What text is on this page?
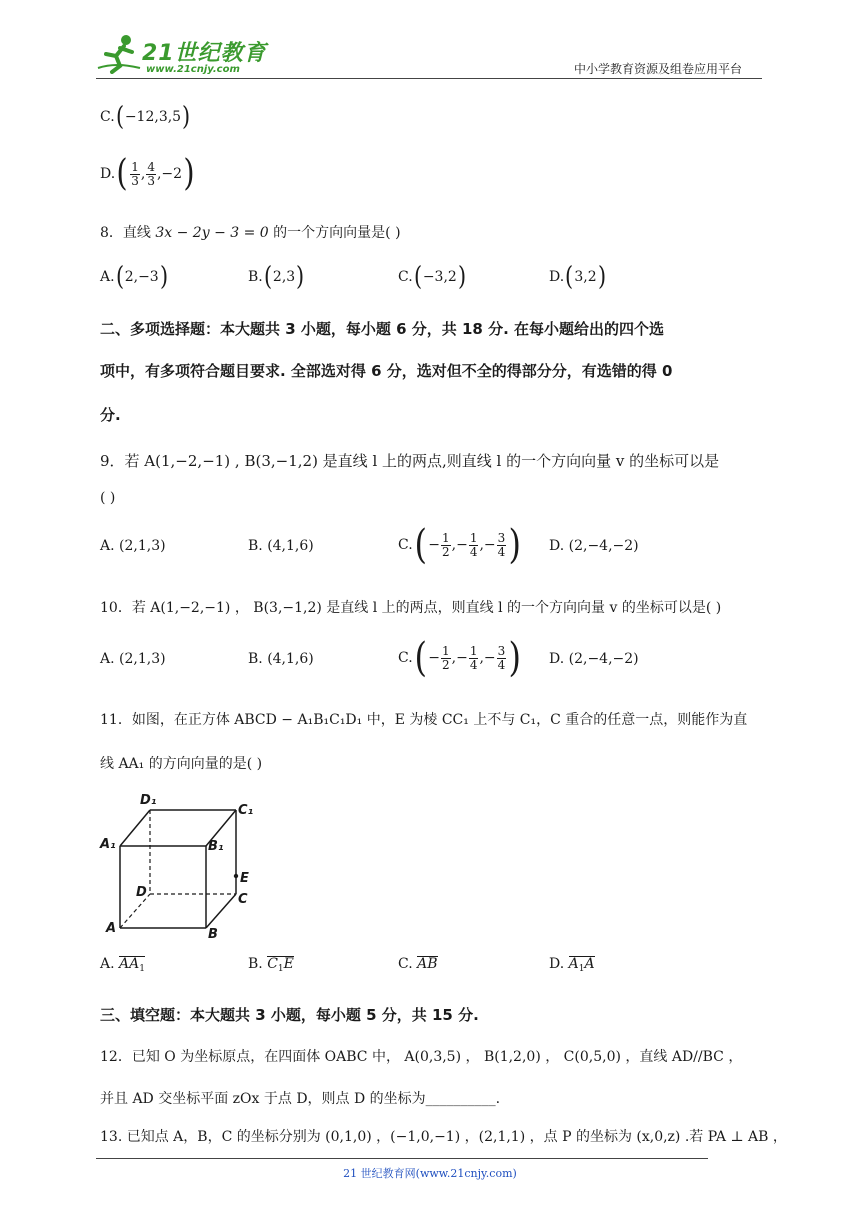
21世纪教育
www.21cnjy.com	中小学教育资源及组卷应用平台
C.(−12,3,5)
$D.( \frac{1}{3}$ , $\frac{4}{3} ,-2$)
8．直线 3x − 2y − 3 = 0 的一个方向向量是( )
A.(2,−3)	B.(2,3)	C.(−3,2)	D.(3,2)
二、多项选择题：本大题共 3 小题，每小题 6 分，共 18 分. 在每小题给出的四个选
项中，有多项符合题目要求. 全部选对得 6 分，选对但不全的得部分分，有选错的得 0
分.
9．若 A(1,−2,−1) , B(3,−1,2) 是直线 l 上的两点,则直线 l 的一个方向向量 v 的坐标可以是
( )
A. (2,1,3)	B. (4,1,6)	$C.( - \frac{1}{2}$ ,− $\frac{1}{4}$ ,− $\frac{3}{4}$ ) D. (2,−4,−2)
10．若 A(1,−2,−1) ， B(3,−1,2) 是直线 l 上的两点，则直线 l 的一个方向向量 v 的坐标可以是( )
A. (2,1,3)	B. (4,1,6)	$C.( - \frac{1}{2}$ ,− $\frac{1}{4}$ ,− $\frac{3}{4}$ ) D. (2,−4,−2)
11．如图，在正方体 ABCD − A₁B₁C₁D₁ 中，E 为棱 CC₁ 上不与 C₁，C 重合的任意一点，则能作为直
线 AA₁ 的方向向量的是( )
D₁
C₁
A₁	B₁
E
D	C
A	B
A. $AA_1$	B. $C_1E$	C. AB	D. $A_1A$
三、填空题：本大题共 3 小题，每小题 5 分，共 15 分.
12．已知 O 为坐标原点，在四面体 OABC 中， A(0,3,5) ， B(1,2,0) ， C(0,5,0) ，直线 AD//BC ，
并且 AD 交坐标平面 zOx 于点 D，则点 D 的坐标为__________.
13. 已知点 A，B，C 的坐标分别为 (0,1,0) ，(−1,0,−1) ，(2,1,1) ，点 P 的坐标为 (x,0,z) .若 PA ⊥ AB ，
21 世纪教育网(www.21cnjy.com)
